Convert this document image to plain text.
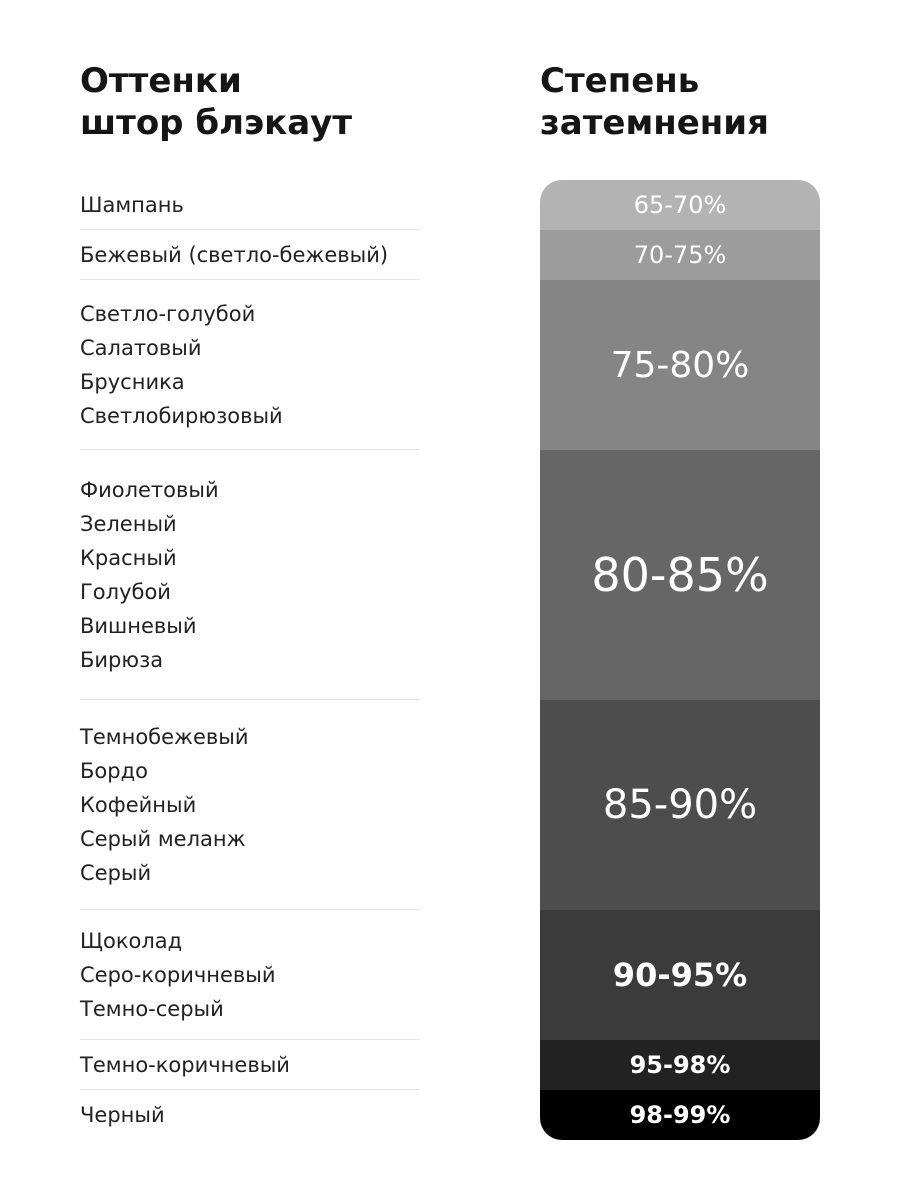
Оттенки
штор блэкаут
Степень
затемнения
Шампань
Бежевый (светло-бежевый)
Светло-голубой
Салатовый
Брусника
Светлобирюзовый
Фиолетовый
Зеленый
Красный
Голубой
Вишневый
Бирюза
Темнобежевый
Бордо
Кофейный
Серый меланж
Серый
Щоколад
Серо-коричневый
Темно-серый
Темно-коричневый
Черный
65-70%
70-75%
75-80%
80-85%
85-90%
90-95%
95-98%
98-99%
